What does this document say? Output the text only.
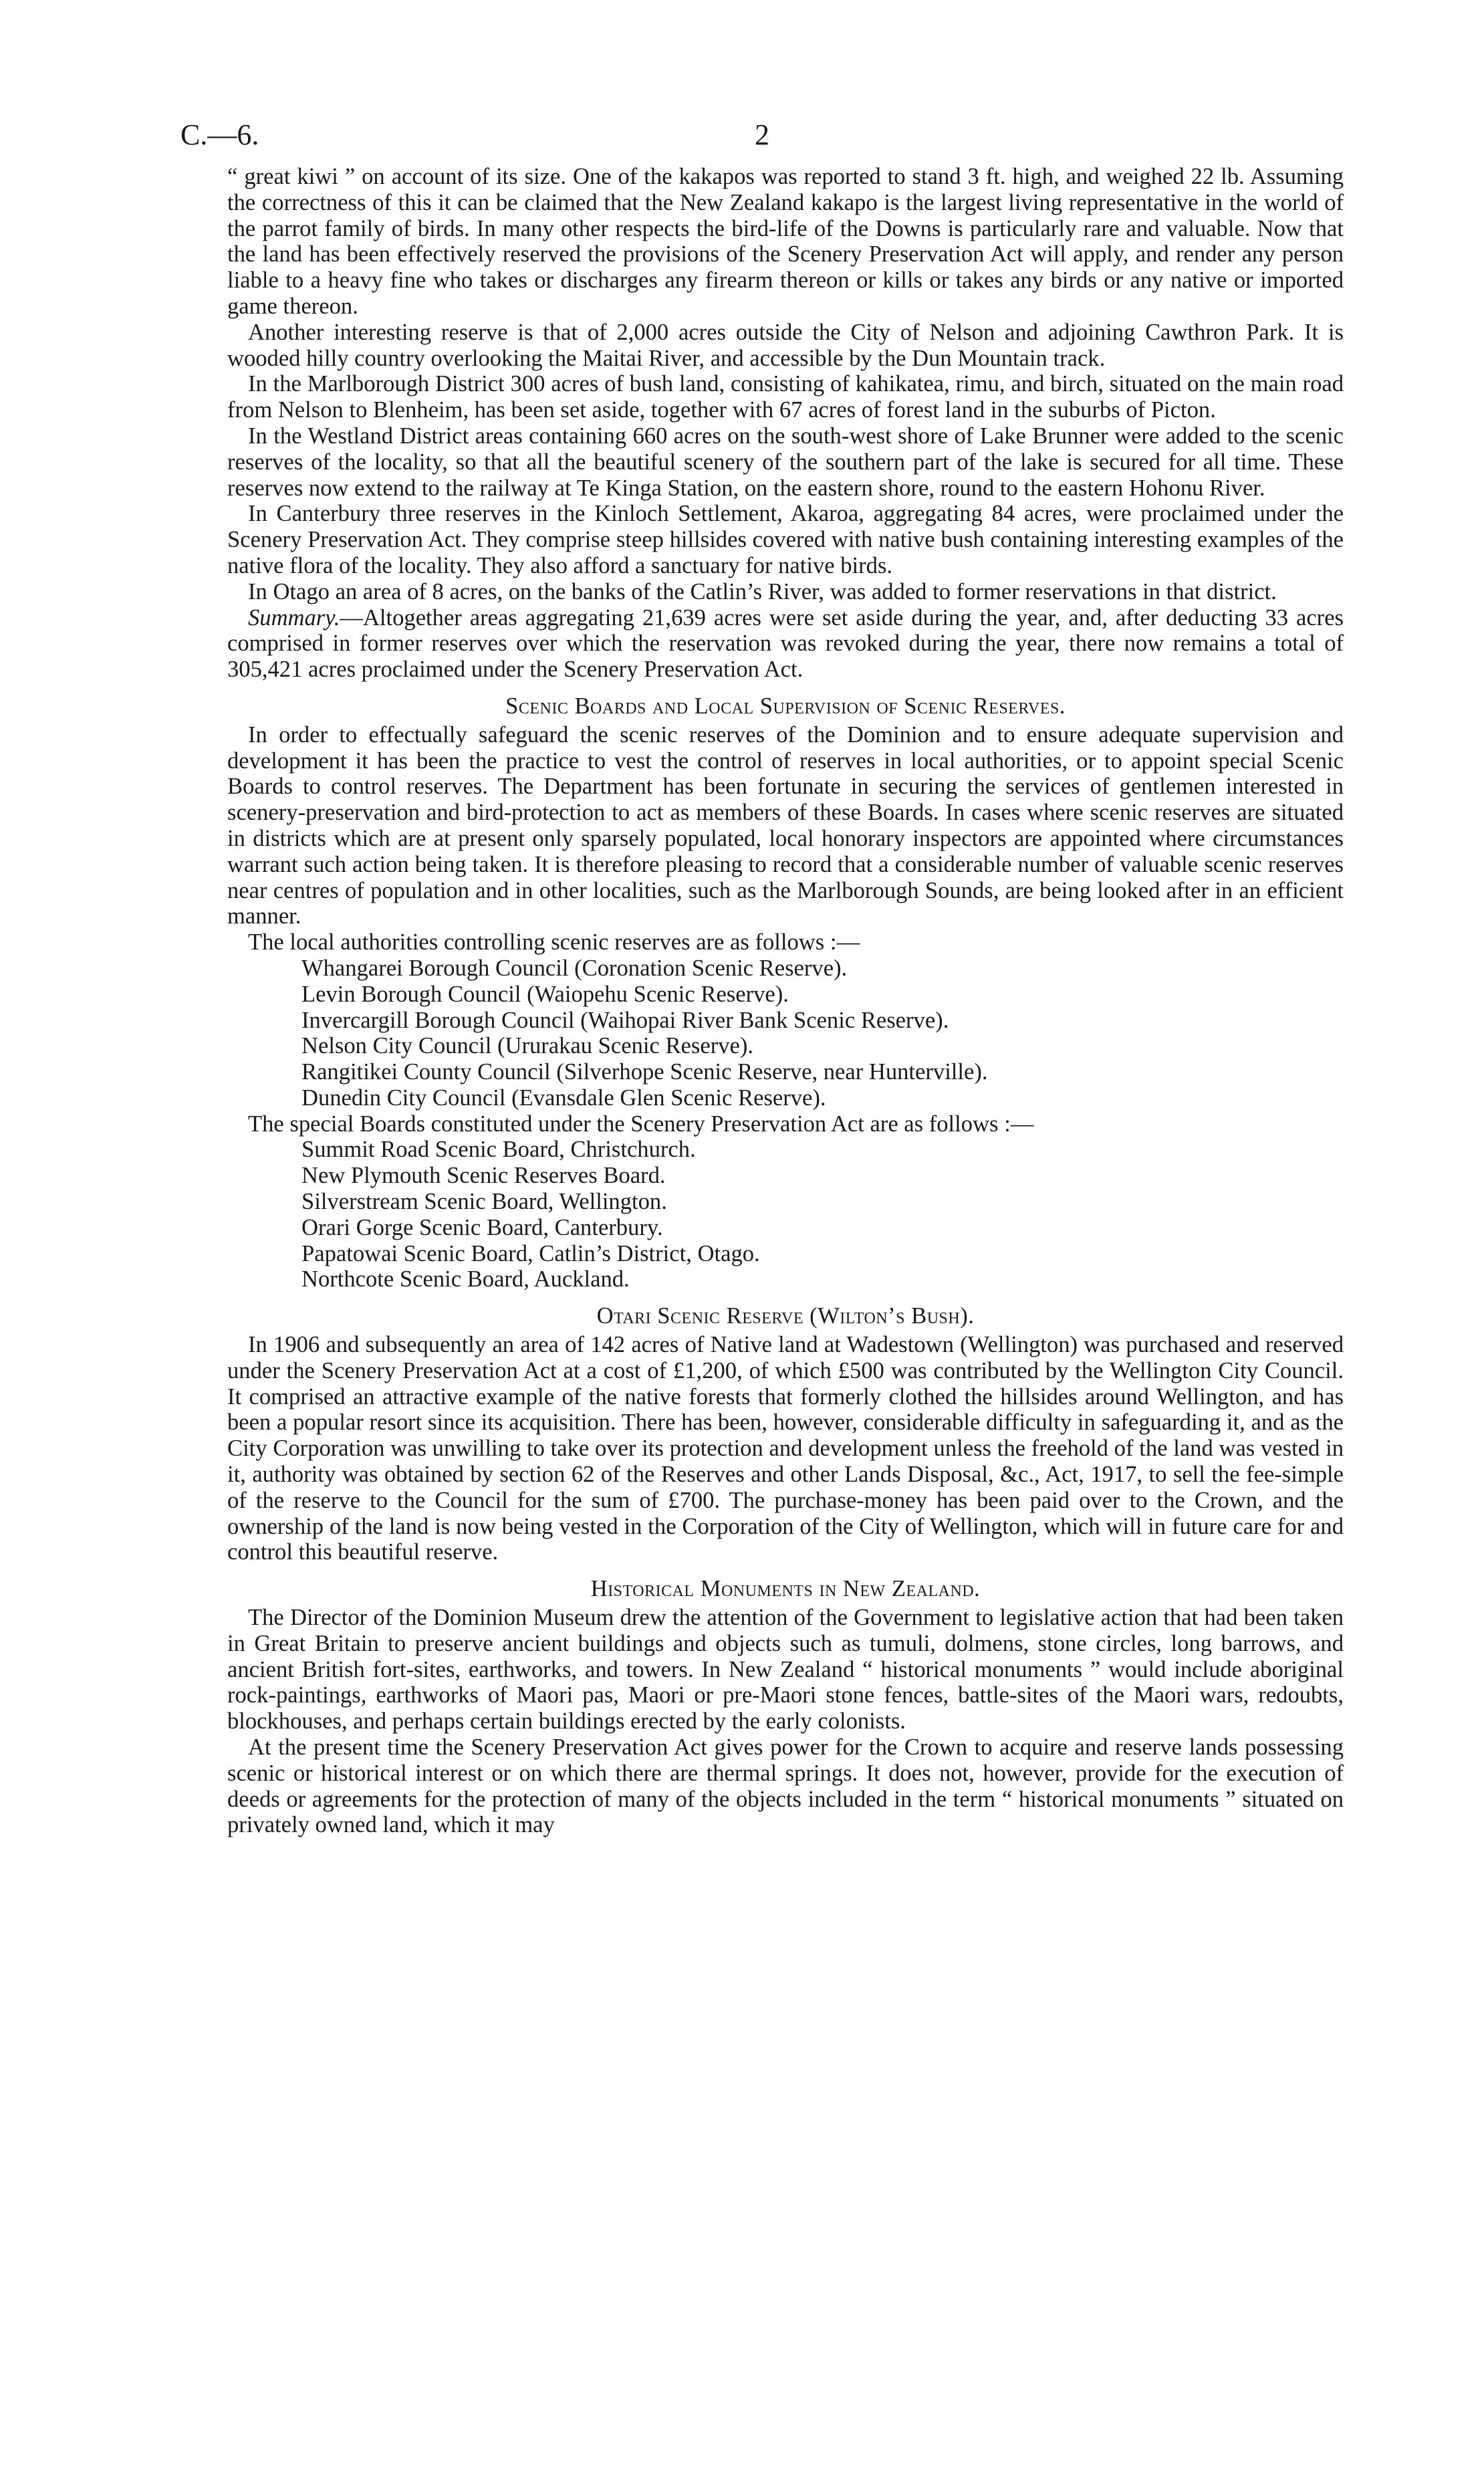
C.—6.	2

“ great kiwi ” on account of its size. One of the kakapos was reported to stand 3 ft. high, and weighed 22 lb. Assuming the correctness of this it can be claimed that the New Zealand kakapo is the largest living representative in the world of the parrot family of birds. In many other respects the bird-life of the Downs is particularly rare and valuable. Now that the land has been effectively reserved the provisions of the Scenery Preservation Act will apply, and render any person liable to a heavy fine who takes or discharges any firearm thereon or kills or takes any birds or any native or imported game thereon.

Another interesting reserve is that of 2,000 acres outside the City of Nelson and adjoining Cawthron Park. It is wooded hilly country overlooking the Maitai River, and accessible by the Dun Mountain track.

In the Marlborough District 300 acres of bush land, consisting of kahikatea, rimu, and birch, situated on the main road from Nelson to Blenheim, has been set aside, together with 67 acres of forest land in the suburbs of Picton.

In the Westland District areas containing 660 acres on the south-west shore of Lake Brunner were added to the scenic reserves of the locality, so that all the beautiful scenery of the southern part of the lake is secured for all time. These reserves now extend to the railway at Te Kinga Station, on the eastern shore, round to the eastern Hohonu River.

In Canterbury three reserves in the Kinloch Settlement, Akaroa, aggregating 84 acres, were proclaimed under the Scenery Preservation Act. They comprise steep hillsides covered with native bush containing interesting examples of the native flora of the locality. They also afford a sanctuary for native birds.

In Otago an area of 8 acres, on the banks of the Catlin’s River, was added to former reservations in that district.

Summary.—Altogether areas aggregating 21,639 acres were set aside during the year, and, after deducting 33 acres comprised in former reserves over which the reservation was revoked during the year, there now remains a total of 305,421 acres proclaimed under the Scenery Preservation Act.

Scenic Boards and Local Supervision of Scenic Reserves.

In order to effectually safeguard the scenic reserves of the Dominion and to ensure adequate supervision and development it has been the practice to vest the control of reserves in local authorities, or to appoint special Scenic Boards to control reserves. The Department has been fortunate in securing the services of gentlemen interested in scenery-preservation and bird-protection to act as members of these Boards. In cases where scenic reserves are situated in districts which are at present only sparsely populated, local honorary inspectors are appointed where circumstances warrant such action being taken. It is therefore pleasing to record that a considerable number of valuable scenic reserves near centres of population and in other localities, such as the Marlborough Sounds, are being looked after in an efficient manner.

The local authorities controlling scenic reserves are as follows :—

Whangarei Borough Council (Coronation Scenic Reserve).
Levin Borough Council (Waiopehu Scenic Reserve).
Invercargill Borough Council (Waihopai River Bank Scenic Reserve).
Nelson City Council (Ururakau Scenic Reserve).
Rangitikei County Council (Silverhope Scenic Reserve, near Hunterville).
Dunedin City Council (Evansdale Glen Scenic Reserve).

The special Boards constituted under the Scenery Preservation Act are as follows :—

Summit Road Scenic Board, Christchurch.
New Plymouth Scenic Reserves Board.
Silverstream Scenic Board, Wellington.
Orari Gorge Scenic Board, Canterbury.
Papatowai Scenic Board, Catlin’s District, Otago.
Northcote Scenic Board, Auckland.

Otari Scenic Reserve (Wilton’s Bush).

In 1906 and subsequently an area of 142 acres of Native land at Wadestown (Wellington) was purchased and reserved under the Scenery Preservation Act at a cost of £1,200, of which £500 was contributed by the Wellington City Council. It comprised an attractive example of the native forests that formerly clothed the hillsides around Wellington, and has been a popular resort since its acquisition. There has been, however, considerable difficulty in safeguarding it, and as the City Corporation was unwilling to take over its protection and development unless the freehold of the land was vested in it, authority was obtained by section 62 of the Reserves and other Lands Disposal, &c., Act, 1917, to sell the fee-simple of the reserve to the Council for the sum of £700. The purchase-money has been paid over to the Crown, and the ownership of the land is now being vested in the Corporation of the City of Wellington, which will in future care for and control this beautiful reserve.

Historical Monuments in New Zealand.

The Director of the Dominion Museum drew the attention of the Government to legislative action that had been taken in Great Britain to preserve ancient buildings and objects such as tumuli, dolmens, stone circles, long barrows, and ancient British fort-sites, earthworks, and towers. In New Zealand “ historical monuments ” would include aboriginal rock-paintings, earthworks of Maori pas, Maori or pre-Maori stone fences, battle-sites of the Maori wars, redoubts, blockhouses, and perhaps certain buildings erected by the early colonists.

At the present time the Scenery Preservation Act gives power for the Crown to acquire and reserve lands possessing scenic or historical interest or on which there are thermal springs. It does not, however, provide for the execution of deeds or agreements for the protection of many of the objects included in the term “ historical monuments ” situated on privately owned land, which it may
